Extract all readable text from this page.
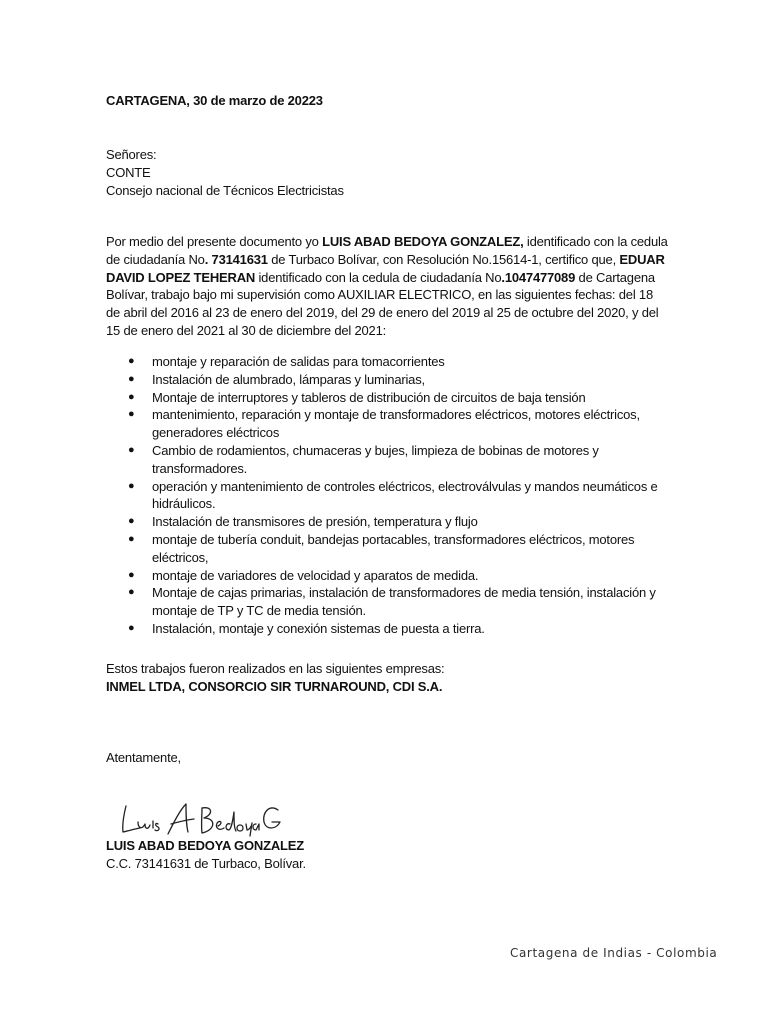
CARTAGENA, 30 de marzo de 20223
Señores:
CONTE
Consejo nacional de Técnicos Electricistas
Por medio del presente documento yo LUIS ABAD BEDOYA GONZALEZ, identificado con la cedula de ciudadanía No. 73141631 de Turbaco Bolívar, con Resolución No.15614-1, certifico que, EDUAR DAVID LOPEZ TEHERAN identificado con la cedula de ciudadanía No.1047477089 de Cartagena Bolívar, trabajo bajo mi supervisión como AUXILIAR ELECTRICO, en las siguientes fechas: del 18 de abril del 2016 al 23 de enero del 2019, del 29 de enero del 2019 al 25 de octubre del 2020, y del 15 de enero del 2021 al 30 de diciembre del 2021:
● montaje y reparación de salidas para tomacorrientes
● Instalación de alumbrado, lámparas y luminarias,
● Montaje de interruptores y tableros de distribución de circuitos de baja tensión
● mantenimiento, reparación y montaje de transformadores eléctricos, motores eléctricos, generadores eléctricos
● Cambio de rodamientos, chumaceras y bujes, limpieza de bobinas de motores y transformadores.
● operación y mantenimiento de controles eléctricos, electroválvulas y mandos neumáticos e hidráulicos.
● Instalación de transmisores de presión, temperatura y flujo
● montaje de tubería conduit, bandejas portacables, transformadores eléctricos, motores eléctricos,
● montaje de variadores de velocidad y aparatos de medida.
● Montaje de cajas primarias, instalación de transformadores de media tensión, instalación y montaje de TP y TC de media tensión.
● Instalación, montaje y conexión sistemas de puesta a tierra.
Estos trabajos fueron realizados en las siguientes empresas:
INMEL LTDA, CONSORCIO SIR TURNAROUND, CDI S.A.
Atentamente,
LUIS ABAD BEDOYA GONZALEZ
C.C. 73141631 de Turbaco, Bolívar.
Cartagena de Indias - Colombia
